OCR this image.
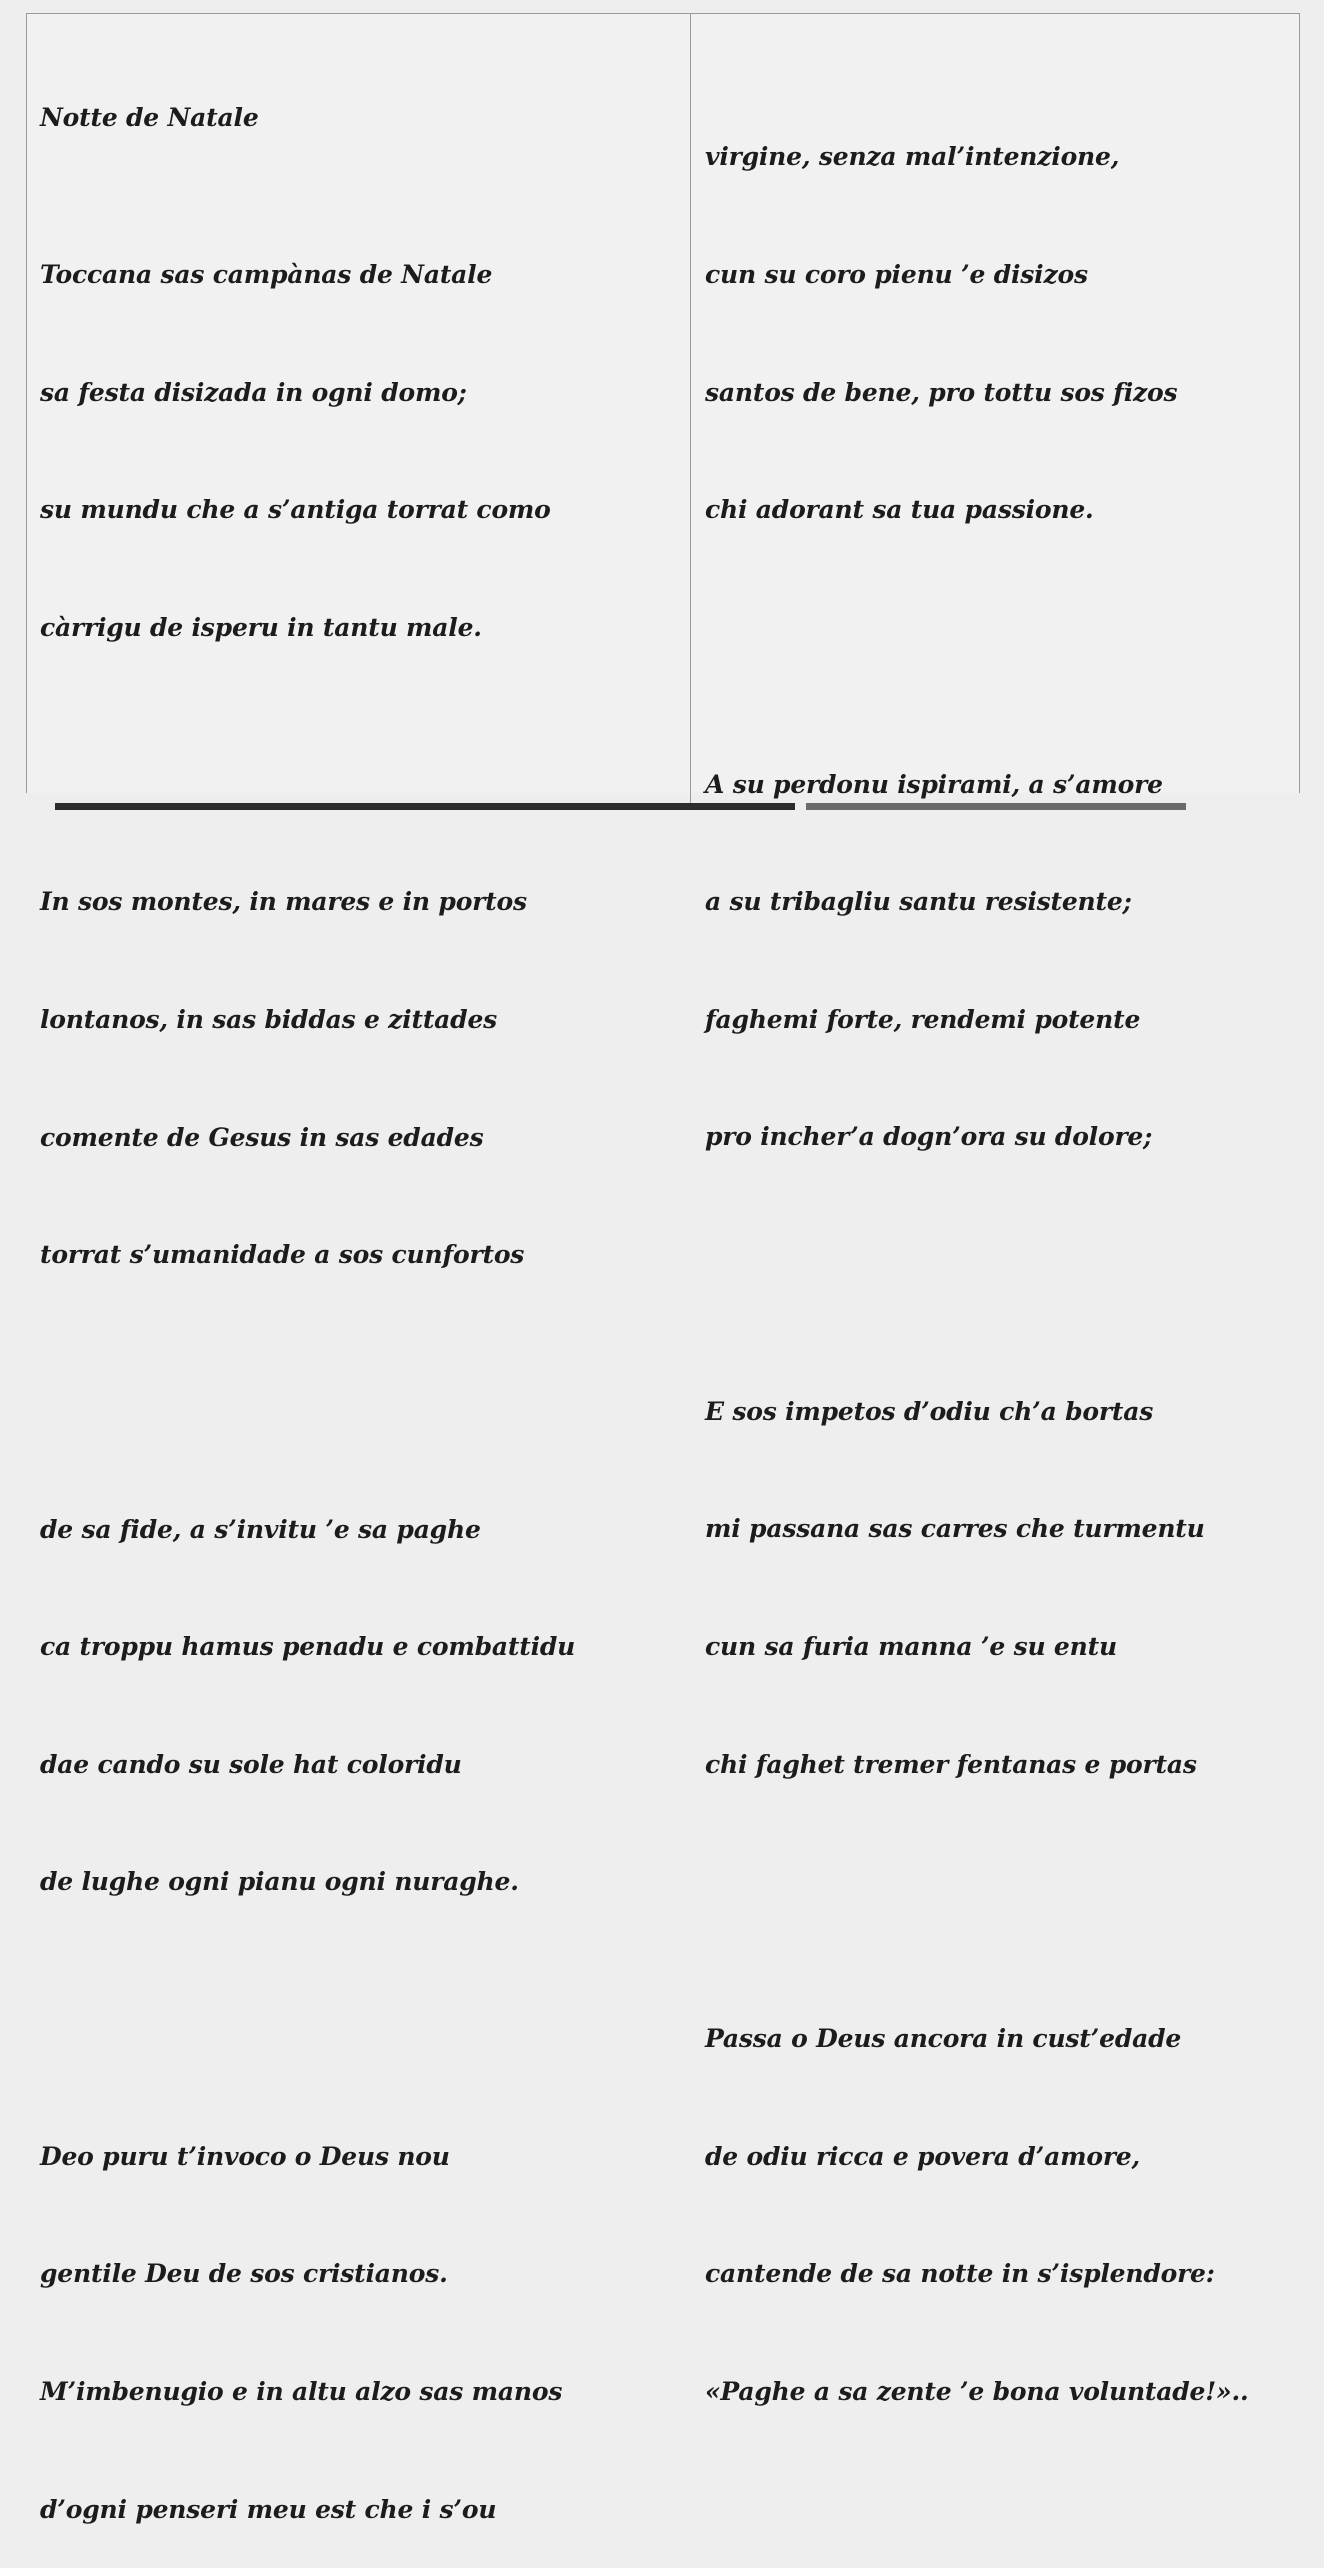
Notte de Natale

Toccana sas campànas de Natale

sa festa disizada in ogni domo;

su mundu che a s’antiga torrat como

càrrigu de isperu in tantu male.

In sos montes, in mares e in portos

lontanos, in sas biddas e zittades

comente de Gesus in sas edades

torrat s’umanidade a sos cunfortos

de sa fide, a s’invitu ’e sa paghe

ca troppu hamus penadu e combattidu

dae cando su sole hat coloridu

de lughe ogni pianu ogni nuraghe.

Deo puru t’invoco o Deus nou

gentile Deu de sos cristianos.

M’imbenugio e in altu alzo sas manos

d’ogni penseri meu est che i s’ou

virgine, senza mal’intenzione,

cun su coro pienu ’e disizos

santos de bene, pro tottu sos fizos

chi adorant sa tua passione.

A su perdonu ispirami, a s’amore

a su tribagliu santu resistente;

faghemi forte, rendemi potente

pro incher’a dogn’ora su dolore;

E sos impetos d’odiu ch’a bortas

mi passana sas carres che turmentu

cun sa furia manna ’e su entu

chi faghet tremer fentanas e portas

Passa o Deus ancora in cust’edade

de odiu ricca e povera d’amore,

cantende de sa notte in s’isplendore:

«Paghe a sa zente ’e bona voluntade!»..
